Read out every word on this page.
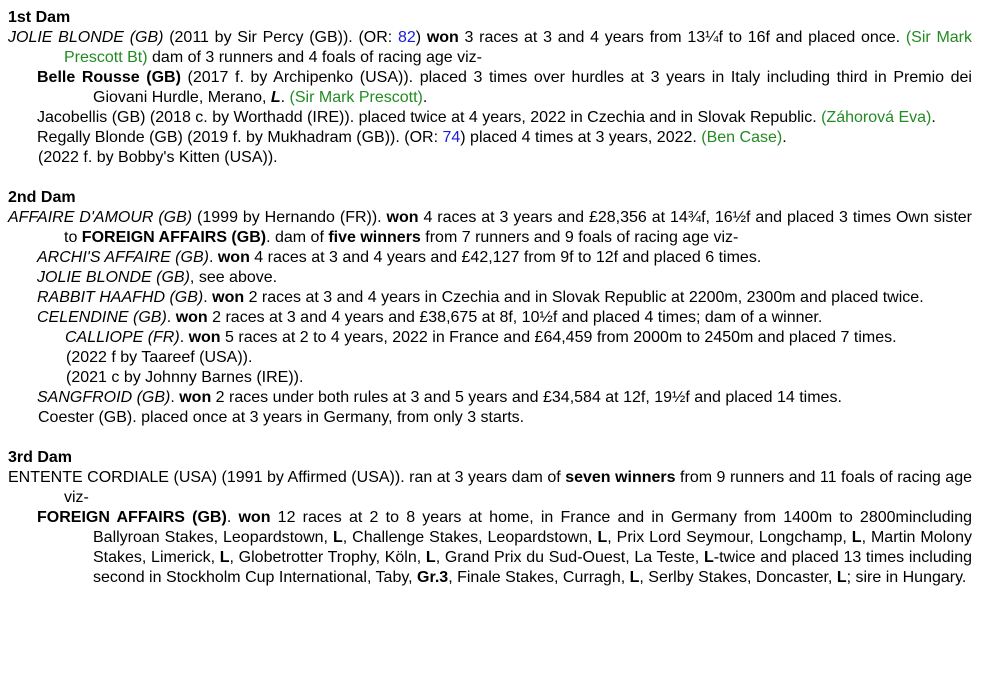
1st Dam
JOLIE BLONDE (GB) (2011 by Sir Percy (GB)). (OR: 82) won 3 races at 3 and 4 years from 13¼f to 16f and placed once. (Sir Mark Prescott Bt) dam of 3 runners and 4 foals of racing age viz-
Belle Rousse (GB) (2017 f. by Archipenko (USA)). placed 3 times over hurdles at 3 years in Italy including third in Premio dei Giovani Hurdle, Merano, L. (Sir Mark Prescott).
Jacobellis (GB) (2018 c. by Worthadd (IRE)). placed twice at 4 years, 2022 in Czechia and in Slovak Republic. (Záhorová Eva).
Regally Blonde (GB) (2019 f. by Mukhadram (GB)). (OR: 74) placed 4 times at 3 years, 2022. (Ben Case).
(2022 f. by Bobby's Kitten (USA)).
2nd Dam
AFFAIRE D'AMOUR (GB) (1999 by Hernando (FR)). won 4 races at 3 years and £28,356 at 14¾f, 16½f and placed 3 times Own sister to FOREIGN AFFAIRS (GB). dam of five winners from 7 runners and 9 foals of racing age viz-
ARCHI'S AFFAIRE (GB). won 4 races at 3 and 4 years and £42,127 from 9f to 12f and placed 6 times.
JOLIE BLONDE (GB), see above.
RABBIT HAAFHD (GB). won 2 races at 3 and 4 years in Czechia and in Slovak Republic at 2200m, 2300m and placed twice.
CELENDINE (GB). won 2 races at 3 and 4 years and £38,675 at 8f, 10½f and placed 4 times; dam of a winner.
CALLIOPE (FR). won 5 races at 2 to 4 years, 2022 in France and £64,459 from 2000m to 2450m and placed 7 times.
(2022 f by Taareef (USA)).
(2021 c by Johnny Barnes (IRE)).
SANGFROID (GB). won 2 races under both rules at 3 and 5 years and £34,584 at 12f, 19½f and placed 14 times.
Coester (GB). placed once at 3 years in Germany, from only 3 starts.
3rd Dam
ENTENTE CORDIALE (USA) (1991 by Affirmed (USA)). ran at 3 years dam of seven winners from 9 runners and 11 foals of racing age viz-
FOREIGN AFFAIRS (GB). won 12 races at 2 to 8 years at home, in France and in Germany from 1400m to 2800mincluding Ballyroan Stakes, Leopardstown, L, Challenge Stakes, Leopardstown, L, Prix Lord Seymour, Longchamp, L, Martin Molony Stakes, Limerick, L, Globetrotter Trophy, Köln, L, Grand Prix du Sud-Ouest, La Teste, L-twice and placed 13 times including second in Stockholm Cup International, Taby, Gr.3, Finale Stakes, Curragh, L, Serlby Stakes, Doncaster, L; sire in Hungary.
